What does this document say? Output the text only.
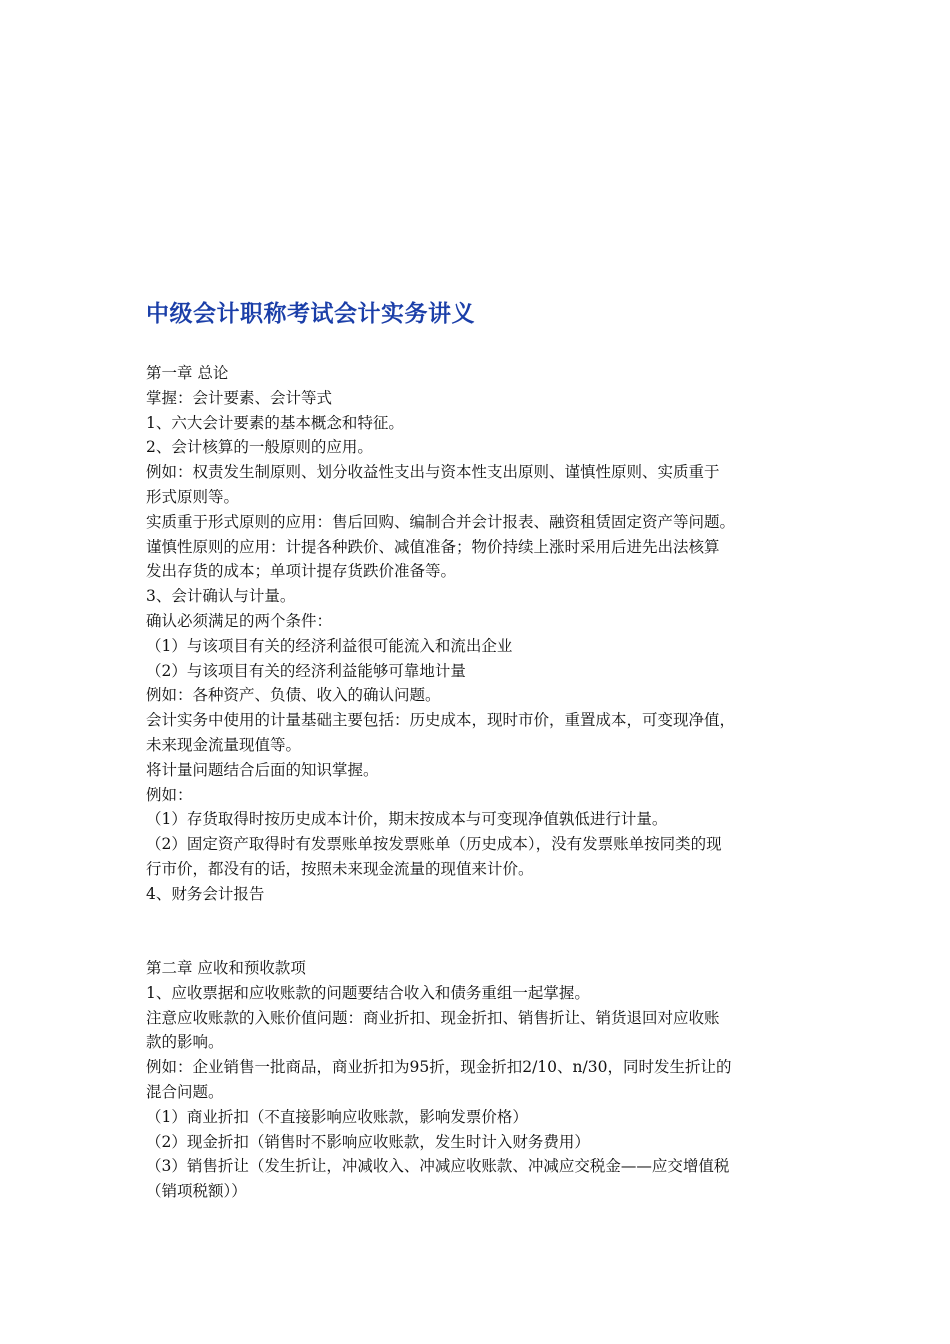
中级会计职称考试会计实务讲义
第一章 总论
掌握：会计要素、会计等式
1、六大会计要素的基本概念和特征。
2、会计核算的一般原则的应用。
例如：权责发生制原则、划分收益性支出与资本性支出原则、谨慎性原则、实质重于
形式原则等。
实质重于形式原则的应用：售后回购、编制合并会计报表、融资租赁固定资产等问题。
谨慎性原则的应用：计提各种跌价、减值准备；物价持续上涨时采用后进先出法核算
发出存货的成本；单项计提存货跌价准备等。
3、会计确认与计量。
确认必须满足的两个条件：
（1）与该项目有关的经济利益很可能流入和流出企业
（2）与该项目有关的经济利益能够可靠地计量
例如：各种资产、负债、收入的确认问题。
会计实务中使用的计量基础主要包括：历史成本，现时市价，重置成本，可变现净值，
未来现金流量现值等。
将计量问题结合后面的知识掌握。
例如：
（1）存货取得时按历史成本计价，期末按成本与可变现净值孰低进行计量。
（2）固定资产取得时有发票账单按发票账单（历史成本），没有发票账单按同类的现
行市价，都没有的话，按照未来现金流量的现值来计价。
4、财务会计报告
第二章 应收和预收款项
1、应收票据和应收账款的问题要结合收入和债务重组一起掌握。
注意应收账款的入账价值问题：商业折扣、现金折扣、销售折让、销货退回对应收账
款的影响。
例如：企业销售一批商品，商业折扣为95折，现金折扣2/10、n/30，同时发生折让的
混合问题。
（1）商业折扣（不直接影响应收账款，影响发票价格）
（2）现金折扣（销售时不影响应收账款，发生时计入财务费用）
（3）销售折让（发生折让，冲减收入、冲减应收账款、冲减应交税金——应交增值税
（销项税额））
